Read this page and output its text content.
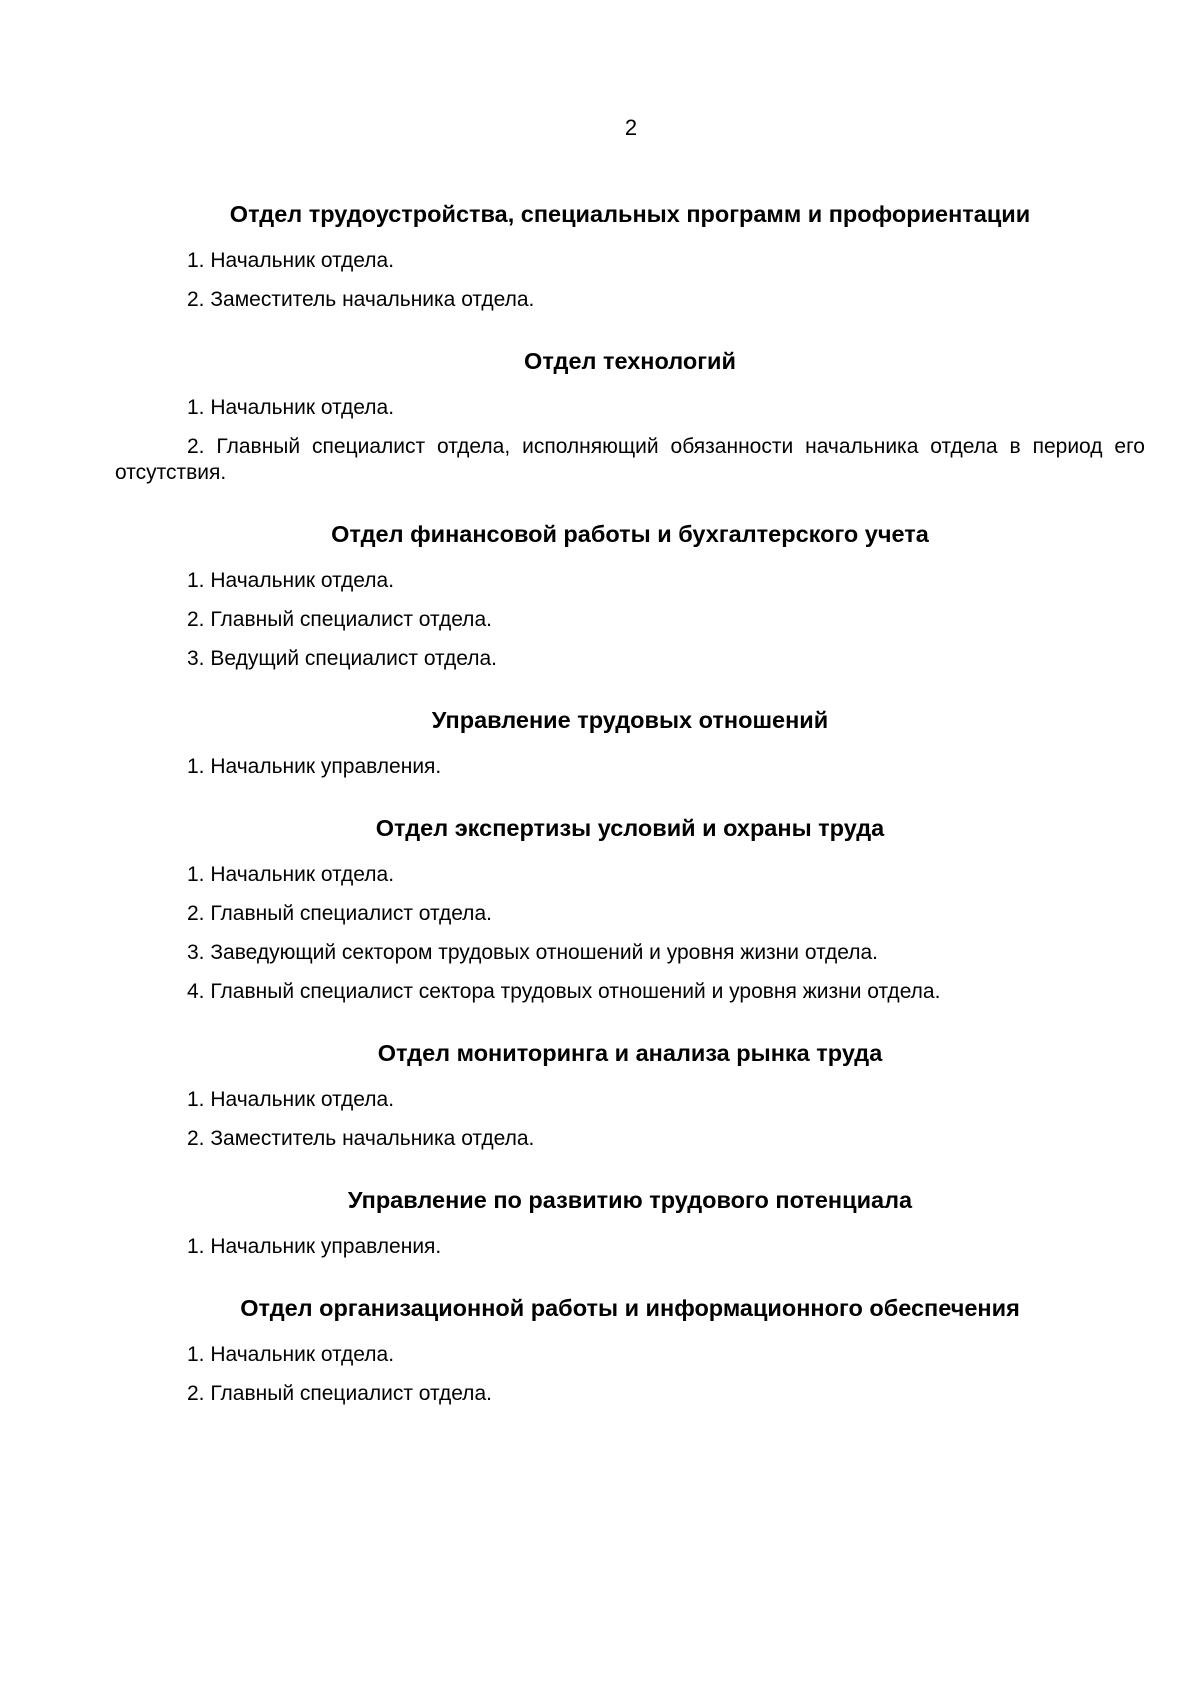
2
Отдел трудоустройства, специальных программ и профориентации
1. Начальник отдела.
2. Заместитель начальника отдела.
Отдел технологий
1. Начальник отдела.
2. Главный специалист отдела, исполняющий обязанности начальника отдела в период его отсутствия.
Отдел финансовой работы и бухгалтерского учета
1. Начальник отдела.
2. Главный специалист отдела.
3. Ведущий специалист отдела.
Управление трудовых отношений
1. Начальник управления.
Отдел экспертизы условий и охраны труда
1. Начальник отдела.
2. Главный специалист отдела.
3. Заведующий сектором трудовых отношений и уровня жизни отдела.
4. Главный специалист сектора трудовых отношений и уровня жизни отдела.
Отдел мониторинга и анализа рынка труда
1. Начальник отдела.
2. Заместитель начальника отдела.
Управление по развитию трудового потенциала
1. Начальник управления.
Отдел организационной работы и информационного обеспечения
1. Начальник отдела.
2. Главный специалист отдела.
